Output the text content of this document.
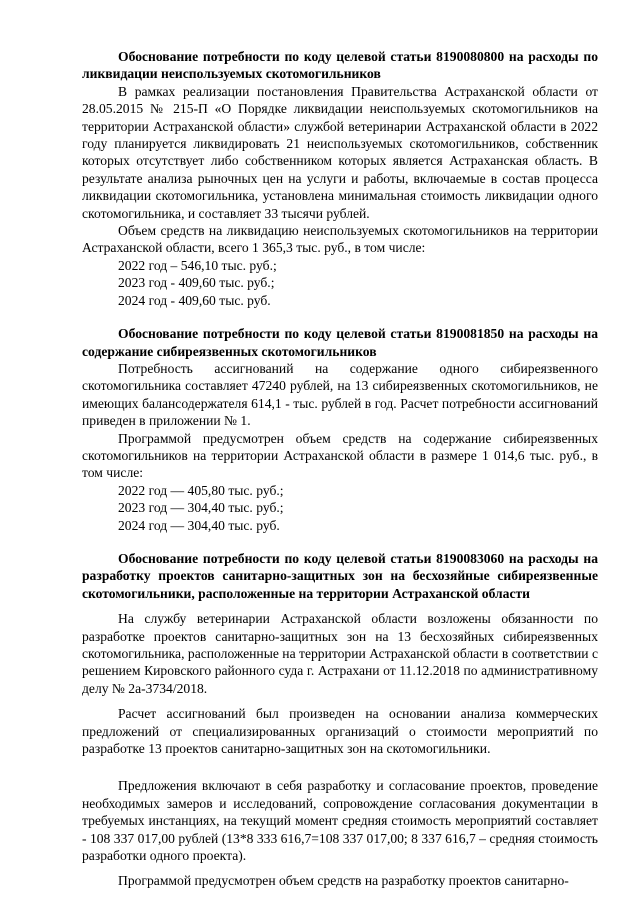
Обоснование потребности по коду целевой статьи 8190080800 на расходы по ликвидации неиспользуемых скотомогильников

В рамках реализации постановления Правительства Астраханской области от 28.05.2015 № 215-П «О Порядке ликвидации неиспользуемых скотомогильников на территории Астраханской области» службой ветеринарии Астраханской области в 2022 году планируется ликвидировать 21 неиспользуемых скотомогильников, собственник которых отсутствует либо собственником которых является Астраханская область. В результате анализа рыночных цен на услуги и работы, включаемые в состав процесса ликвидации скотомогильника, установлена минимальная стоимость ликвидации одного скотомогильника, и составляет 33 тысячи рублей.

Объем средств на ликвидацию неиспользуемых скотомогильников на территории Астраханской области, всего 1 365,3 тыс. руб., в том числе:

2022 год – 546,10 тыс. руб.;
2023 год - 409,60 тыс. руб.;
2024 год - 409,60 тыс. руб.

Обоснование потребности по коду целевой статьи 8190081850 на расходы на содержание сибиреязвенных скотомогильников

Потребность ассигнований на содержание одного сибиреязвенного скотомогильника составляет 47240 рублей, на 13 сибиреязвенных скотомогильников, не имеющих балансодержателя 614,1 - тыс. рублей в год. Расчет потребности ассигнований приведен в приложении № 1.

Программой предусмотрен объем средств на содержание сибиреязвенных скотомогильников на территории Астраханской области в размере 1 014,6 тыс. руб., в том числе:

2022 год — 405,80 тыс. руб.;
2023 год — 304,40 тыс. руб.;
2024 год — 304,40 тыс. руб.

Обоснование потребности по коду целевой статьи 8190083060 на расходы на разработку проектов санитарно-защитных зон на бесхозяйные сибиреязвенные скотомогильники, расположенные на территории Астраханской области

На службу ветеринарии Астраханской области возложены обязанности по разработке проектов санитарно-защитных зон на 13 бесхозяйных сибиреязвенных скотомогильника, расположенные на территории Астраханской области в соответствии с решением Кировского районного суда г. Астрахани от 11.12.2018 по административному делу № 2а-3734/2018.

Расчет ассигнований был произведен на основании анализа коммерческих предложений от специализированных организаций о стоимости мероприятий по разработке 13 проектов санитарно-защитных зон на скотомогильники.

Предложения включают в себя разработку и согласование проектов, проведение необходимых замеров и исследований, сопровождение согласования документации в требуемых инстанциях, на текущий момент средняя стоимость мероприятий составляет - 108 337 017,00 рублей (13*8 333 616,7=108 337 017,00; 8 337 616,7 – средняя стоимость разработки одного проекта).

Программой предусмотрен объем средств на разработку проектов санитарно-
